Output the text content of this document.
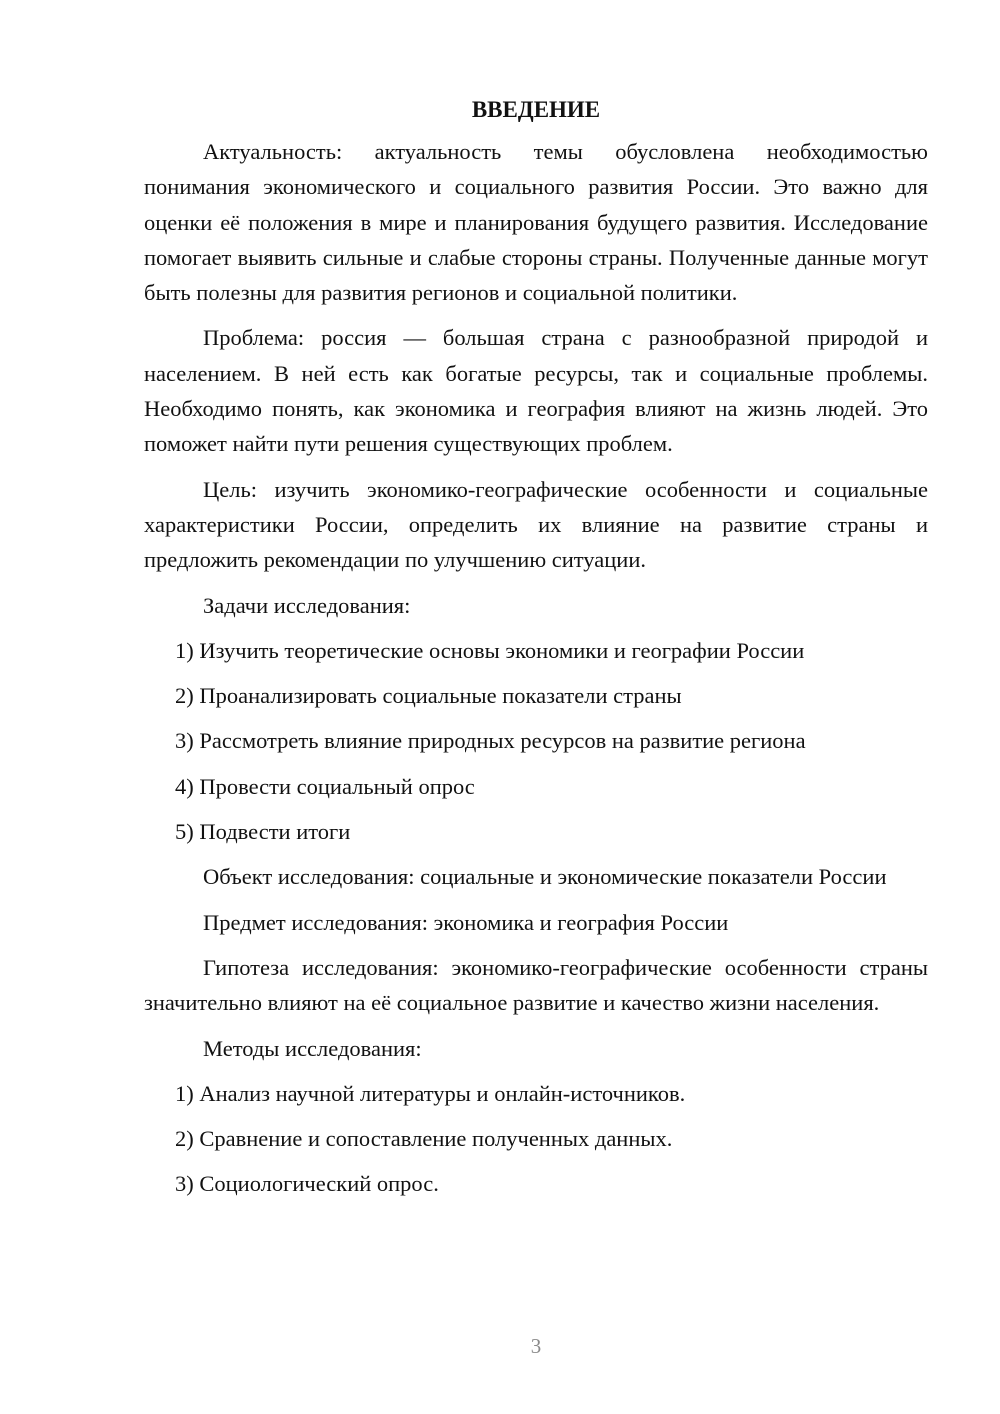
ВВЕДЕНИЕ

Актуальность: актуальность темы обусловлена необходимостью понимания экономического и социального развития России. Это важно для оценки её положения в мире и планирования будущего развития. Исследование помогает выявить сильные и слабые стороны страны. Полученные данные могут быть полезны для развития регионов и социальной политики.

Проблема: россия — большая страна с разнообразной природой и населением. В ней есть как богатые ресурсы, так и социальные проблемы. Необходимо понять, как экономика и география влияют на жизнь людей. Это поможет найти пути решения существующих проблем.

Цель: изучить экономико-географические особенности и социальные характеристики России, определить их влияние на развитие страны и предложить рекомендации по улучшению ситуации.

Задачи исследования:

1) Изучить теоретические основы экономики и географии России

2) Проанализировать социальные показатели страны

3) Рассмотреть влияние природных ресурсов на развитие региона

4) Провести социальный опрос

5) Подвести итоги

Объект исследования: социальные и экономические показатели России

Предмет исследования: экономика и география России

Гипотеза исследования: экономико-географические особенности страны значительно влияют на её социальное развитие и качество жизни населения.

Методы исследования:

1) Анализ научной литературы и онлайн-источников.

2) Сравнение и сопоставление полученных данных.

3) Социологический опрос.

3
